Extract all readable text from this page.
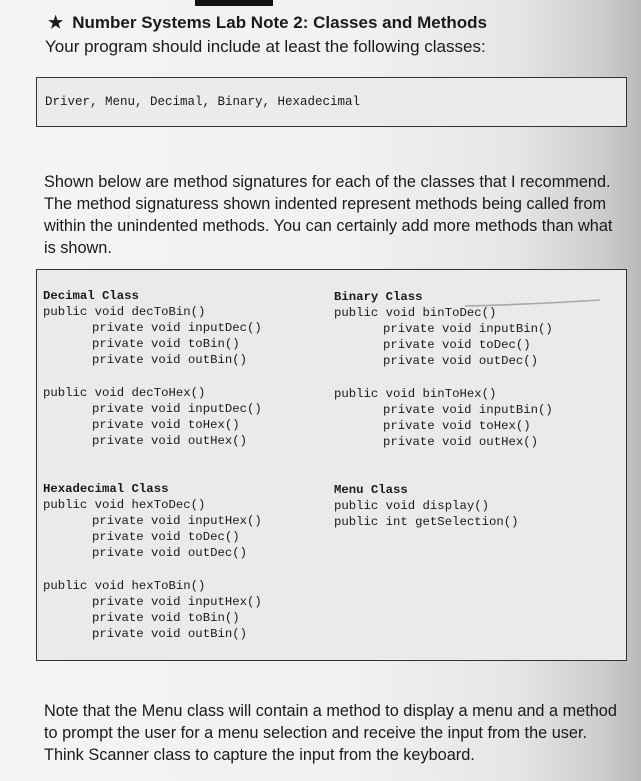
★ Number Systems Lab Note 2: Classes and Methods
Your program should include at least the following classes:
Driver, Menu, Decimal, Binary, Hexadecimal

Shown below are method signatures for each of the classes that I recommend.

The method signaturess shown indented represent methods being called from

within the unindented methods. You can certainly add more methods than what

is shown.

Decimal Class
public void decToBin()
private void inputDec()
private void toBin()
private void outBin()
public void decToHex()
private void inputDec()
private void toHex()
private void outHex()
Hexadecimal Class
public void hexToDec()
private void inputHex()
private void toDec()
private void outDec()
public void hexToBin()
private void inputHex()
private void toBin()
private void outBin()
Binary Class
public void binToDec()
private void inputBin()
private void toDec()
private void outDec()
public void binToHex()
private void inputBin()
private void toHex()
private void outHex()
Menu Class
public void display()
public int getSelection()

Note that the Menu class will contain a method to display a menu and a method

to prompt the user for a menu selection and receive the input from the user.

Think Scanner class to capture the input from the keyboard.
